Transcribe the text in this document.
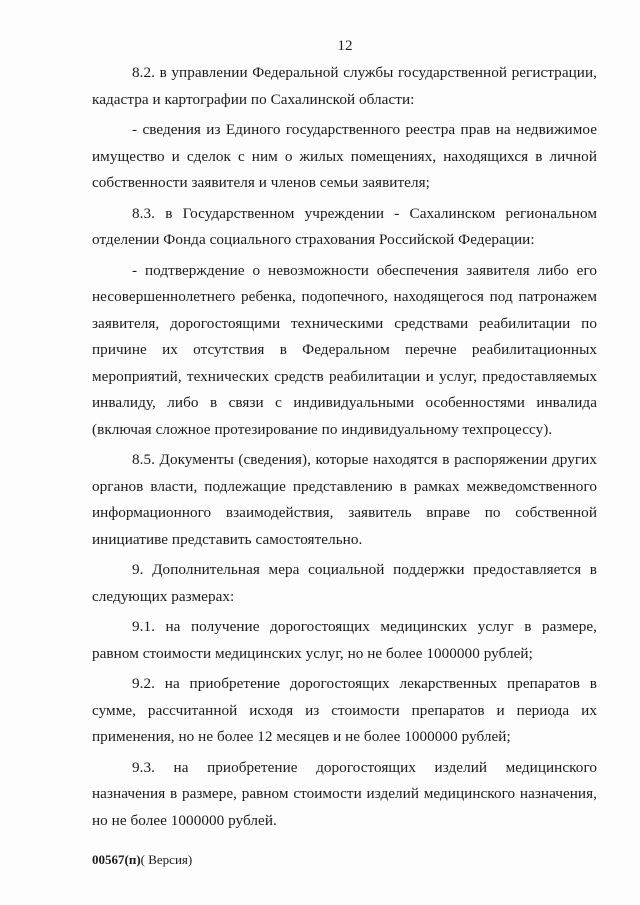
12

8.2. в управлении Федеральной службы государственной регистрации, кадастра и картографии по Сахалинской области:

- сведения из Единого государственного реестра прав на недвижимое имущество и сделок с ним о жилых помещениях, находящихся в личной собственности заявителя и членов семьи заявителя;

8.3. в Государственном учреждении - Сахалинском региональном отделении Фонда социального страхования Российской Федерации:

- подтверждение о невозможности обеспечения заявителя либо его несовершеннолетнего ребенка, подопечного, находящегося под патронажем заявителя, дорогостоящими техническими средствами реабилитации по причине их отсутствия в Федеральном перечне реабилитационных мероприятий, технических средств реабилитации и услуг, предоставляемых инвалиду, либо в связи с индивидуальными особенностями инвалида (включая сложное протезирование по индивидуальному техпроцессу).

8.5. Документы (сведения), которые находятся в распоряжении других органов власти, подлежащие представлению в рамках межведомственного информационного взаимодействия, заявитель вправе по собственной инициативе представить самостоятельно.

9. Дополнительная мера социальной поддержки предоставляется в следующих размерах:

9.1. на получение дорогостоящих медицинских услуг в размере, равном стоимости медицинских услуг, но не более 1000000 рублей;

9.2. на приобретение дорогостоящих лекарственных препаратов в сумме, рассчитанной исходя из стоимости препаратов и периода их применения, но не более 12 месяцев и не более 1000000 рублей;

9.3. на приобретение дорогостоящих изделий медицинского назначения в размере, равном стоимости изделий медицинского назначения, но не более 1000000 рублей.

00567(п)( Версия)
